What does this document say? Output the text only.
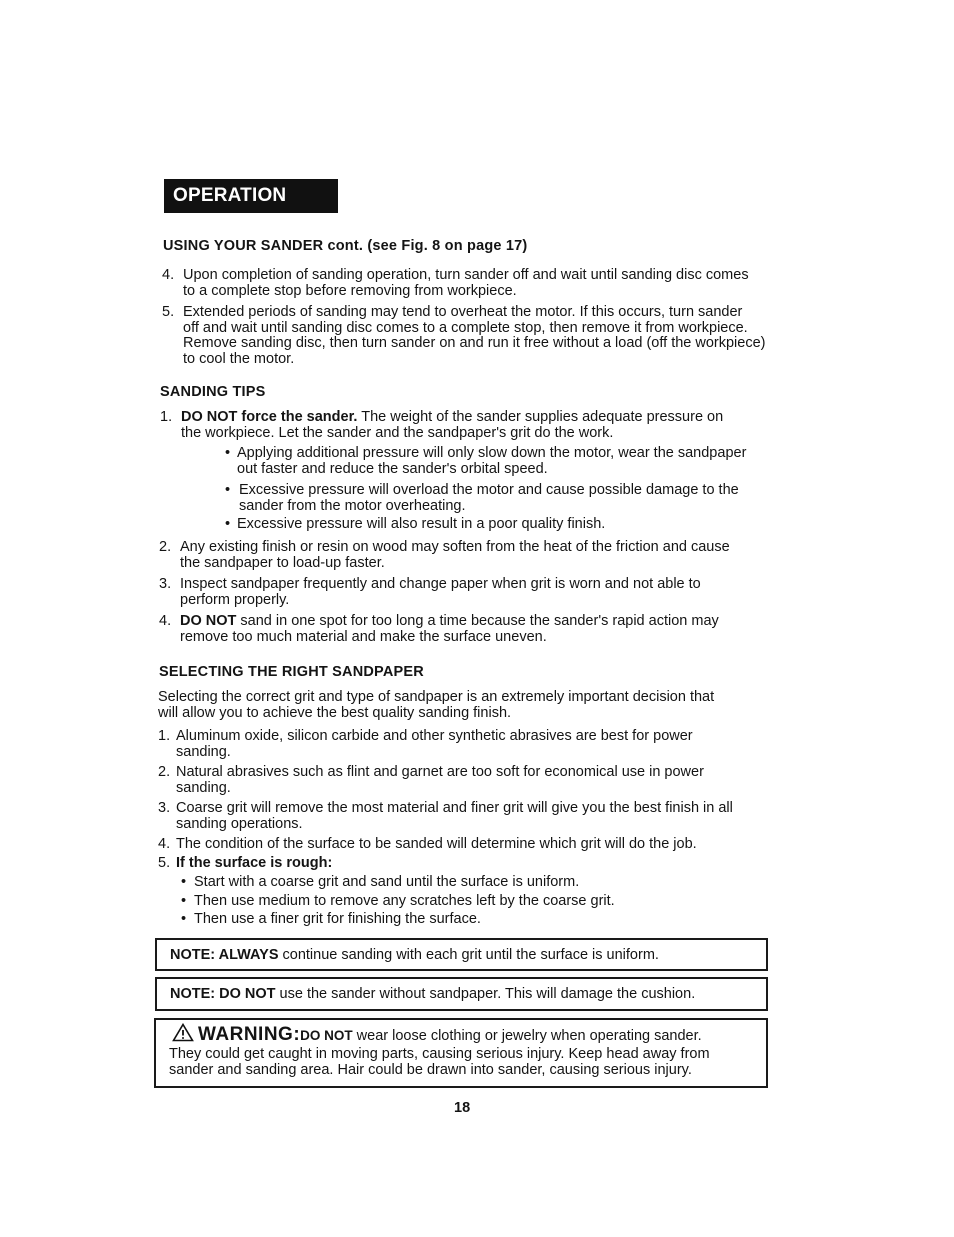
OPERATION cont.
USING YOUR SANDER cont. (see Fig. 8 on page 17)
4. Upon completion of sanding operation, turn sander off and wait until sanding disc comes
to a complete stop before removing from workpiece.
5. Extended periods of sanding may tend to overheat the motor. If this occurs, turn sander
off and wait until sanding disc comes to a complete stop, then remove it from workpiece.
Remove sanding disc, then turn sander on and run it free without a load (off the workpiece)
to cool the motor.
SANDING TIPS
1. DO NOT force the sander. The weight of the sander supplies adequate pressure on
the workpiece. Let the sander and the sandpaper's grit do the work.
• Applying additional pressure will only slow down the motor, wear the sandpaper
out faster and reduce the sander's orbital speed.
• Excessive pressure will overload the motor and cause possible damage to the
sander from the motor overheating.
• Excessive pressure will also result in a poor quality finish.
2. Any existing finish or resin on wood may soften from the heat of the friction and cause
the sandpaper to load-up faster.
3. Inspect sandpaper frequently and change paper when grit is worn and not able to
perform properly.
4. DO NOT sand in one spot for too long a time because the sander's rapid action may
remove too much material and make the surface uneven.
SELECTING THE RIGHT SANDPAPER
Selecting the correct grit and type of sandpaper is an extremely important decision that
will allow you to achieve the best quality sanding finish.
1. Aluminum oxide, silicon carbide and other synthetic abrasives are best for power
sanding.
2. Natural abrasives such as flint and garnet are too soft for economical use in power
sanding.
3. Coarse grit will remove the most material and finer grit will give you the best finish in all
sanding operations.
4. The condition of the surface to be sanded will determine which grit will do the job.
5. If the surface is rough:
• Start with a coarse grit and sand until the surface is uniform.
• Then use medium to remove any scratches left by the coarse grit.
• Then use a finer grit for finishing the surface.
NOTE: ALWAYS continue sanding with each grit until the surface is uniform.
NOTE: DO NOT use the sander without sandpaper. This will damage the cushion.
WARNING:DO NOT wear loose clothing or jewelry when operating sander.
They could get caught in moving parts, causing serious injury. Keep head away from
sander and sanding area. Hair could be drawn into sander, causing serious injury.
18
